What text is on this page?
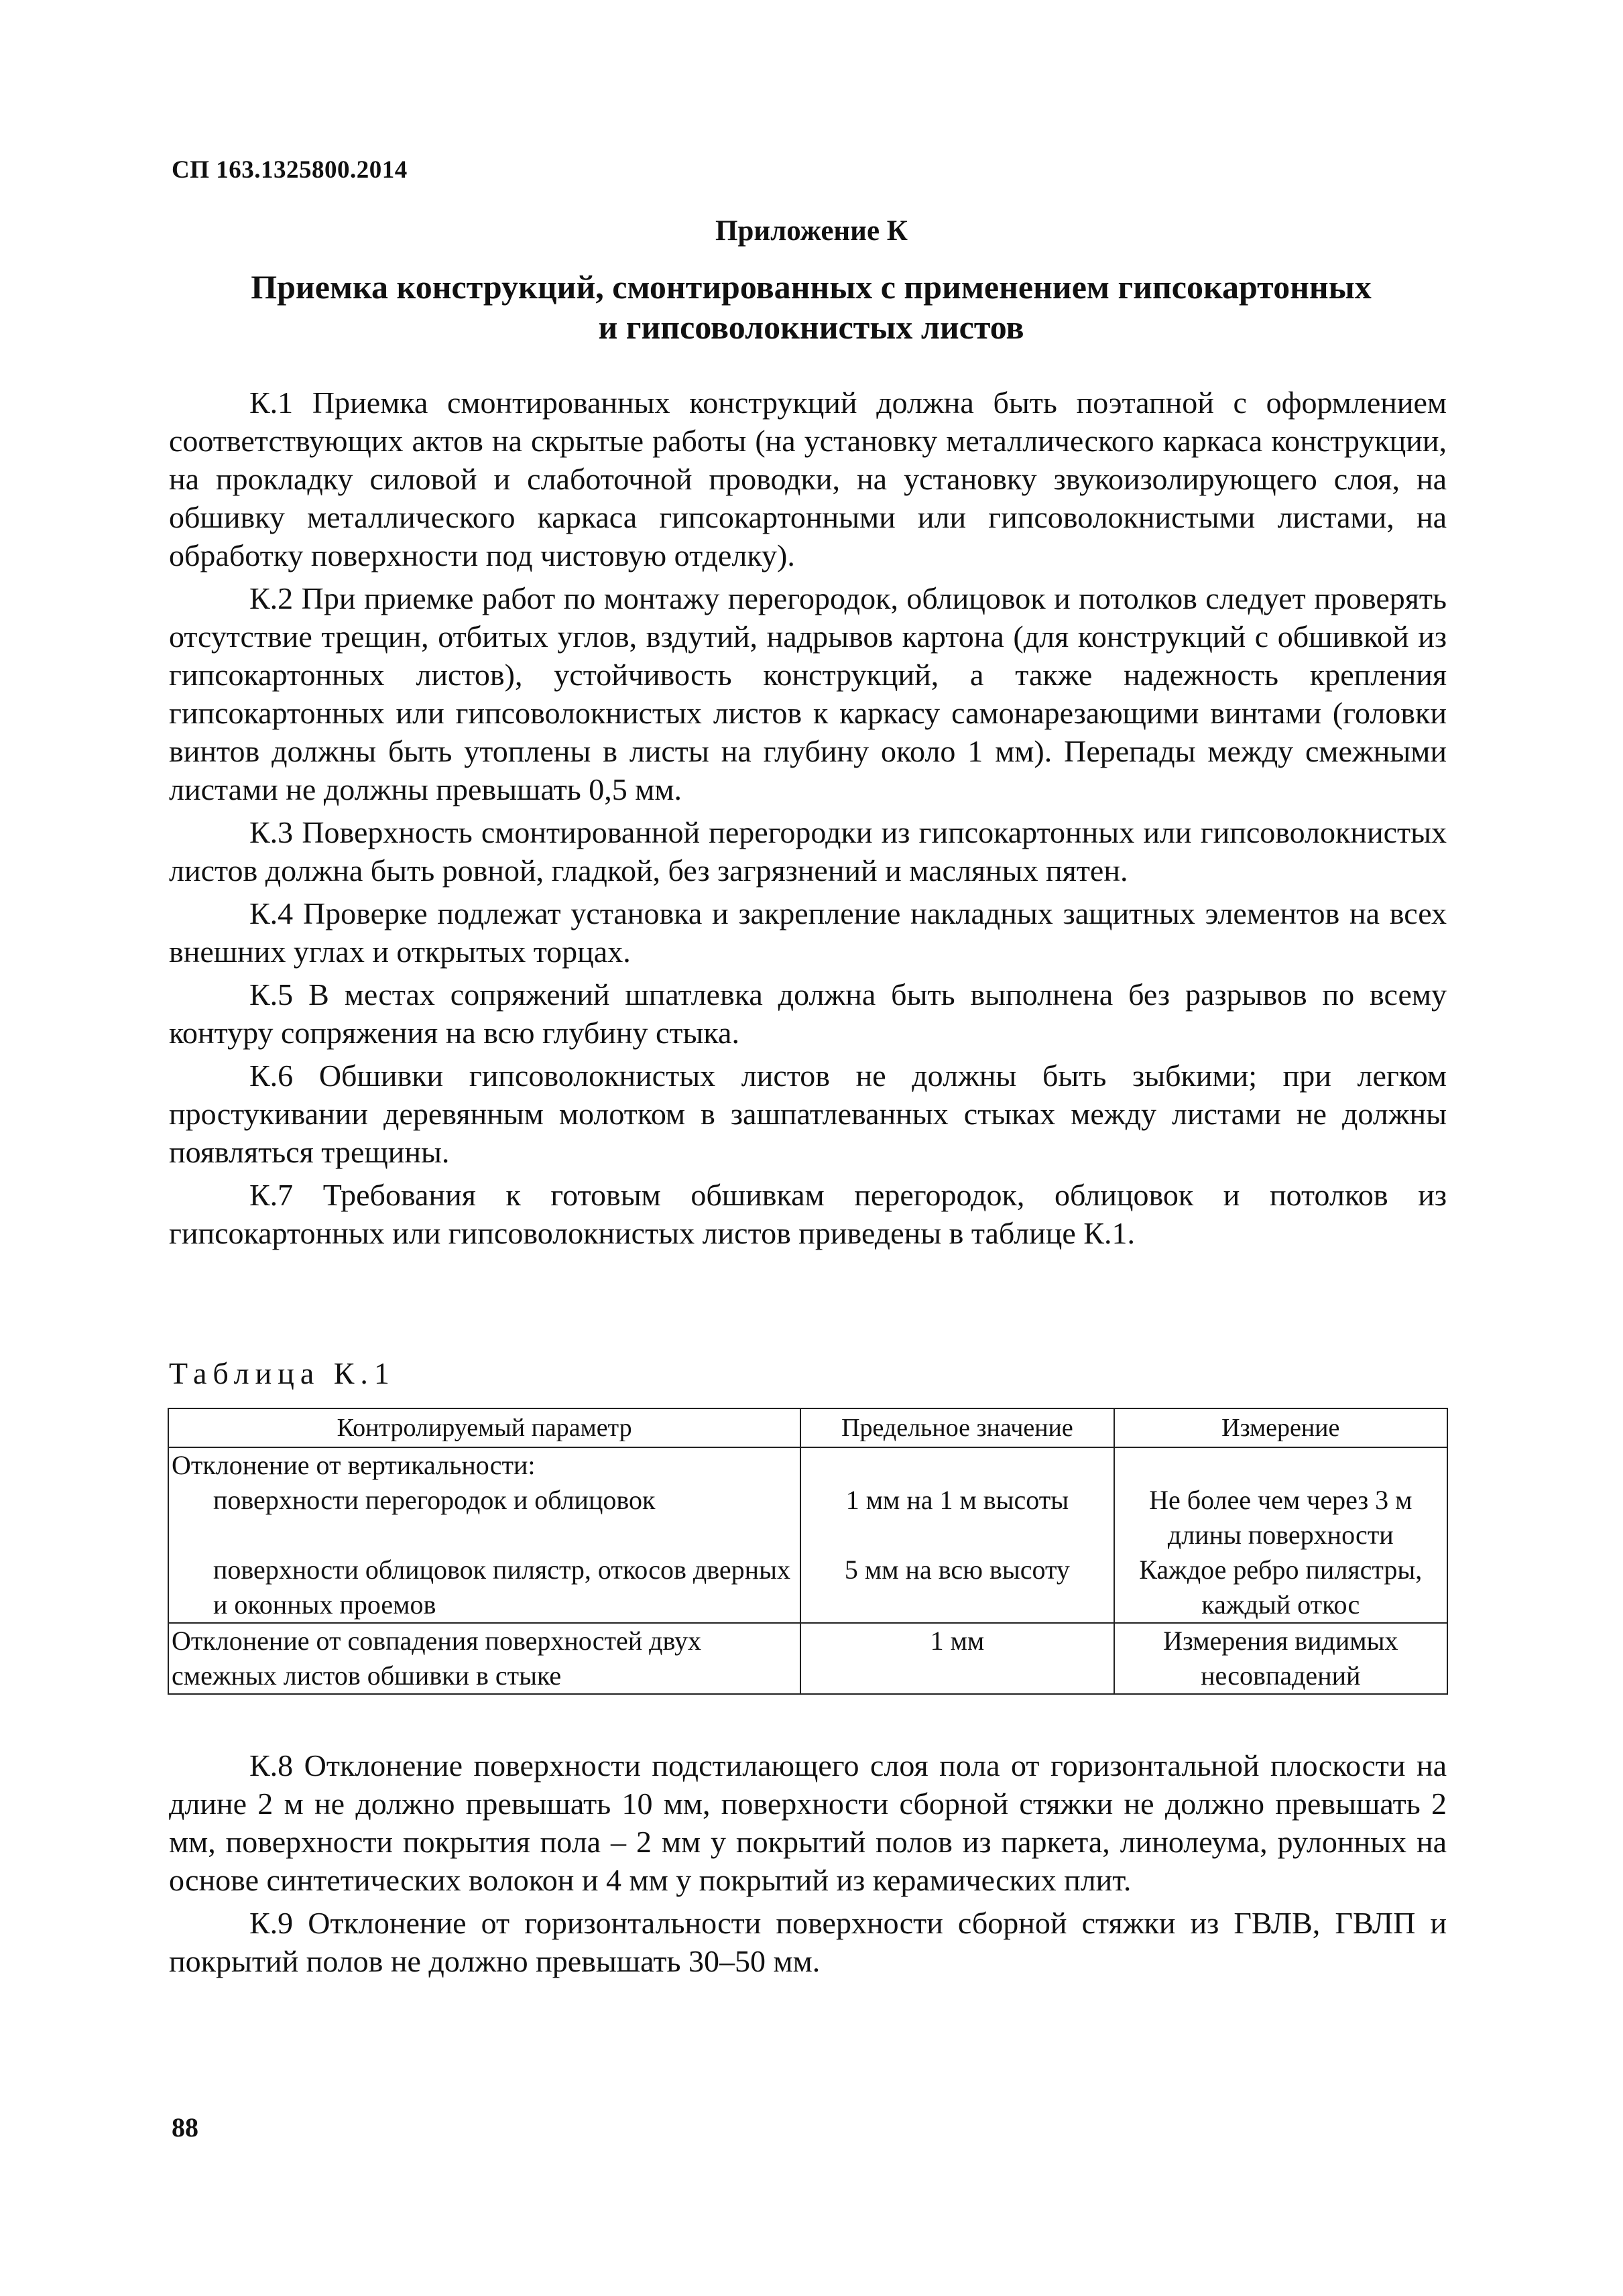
СП 163.1325800.2014
Приложение К
Приемка конструкций, смонтированных с применением гипсокартонных
и гипсоволокнистых листов

К.1 Приемка смонтированных конструкций должна быть поэтапной с оформлением соответствующих актов на скрытые работы (на установку металлического каркаса конструкции, на прокладку силовой и слаботочной проводки, на установку звукоизолирующего слоя, на обшивку металлического каркаса гипсокартонными или гипсоволокнистыми листами, на обработку поверхности под чистовую отделку).

К.2 При приемке работ по монтажу перегородок, облицовок и потолков следует проверять отсутствие трещин, отбитых углов, вздутий, надрывов картона (для конструкций с обшивкой из гипсокартонных листов), устойчивость конструкций, а также надежность крепления гипсокартонных или гипсоволокнистых листов к каркасу самонарезающими винтами (головки винтов должны быть утоплены в листы на глубину около 1 мм). Перепады между смежными листами не должны превышать 0,5 мм.

К.3 Поверхность смонтированной перегородки из гипсокартонных или гипсоволокнистых листов должна быть ровной, гладкой, без загрязнений и масляных пятен.

К.4 Проверке подлежат установка и закрепление накладных защитных элементов на всех внешних углах и открытых торцах.

К.5 В местах сопряжений шпатлевка должна быть выполнена без разрывов по всему контуру сопряжения на всю глубину стыка.

К.6 Обшивки гипсоволокнистых листов не должны быть зыбкими; при легком простукивании деревянным молотком в зашпатлеванных стыках между листами не должны появляться трещины.

К.7 Требования к готовым обшивкам перегородок, облицовок и потолков из гипсокартонных или гипсоволокнистых листов приведены в таблице К.1.

Таблица К.1
Контролируемый параметр	Предельное значение	Измерение
Отклонение от вертикальности:		
поверхности перегородок и облицовок	1 мм на 1 м высоты	Не более чем через 3 м длины поверхности
поверхности облицовок пилястр, откосов дверных и оконных проемов	5 мм на всю высоту	Каждое ребро пилястры, каждый откос
Отклонение от совпадения поверхностей двух смежных листов обшивки в стыке	1 мм	Измерения видимых несовпадений

К.8 Отклонение поверхности подстилающего слоя пола от горизонтальной плоскости на длине 2 м не должно превышать 10 мм, поверхности сборной стяжки не должно превышать 2 мм, поверхности покрытия пола – 2 мм у покрытий полов из паркета, линолеума, рулонных на основе синтетических волокон и 4 мм у покрытий из керамических плит.

К.9 Отклонение от горизонтальности поверхности сборной стяжки из ГВЛВ, ГВЛП и покрытий полов не должно превышать 30–50 мм.

88
